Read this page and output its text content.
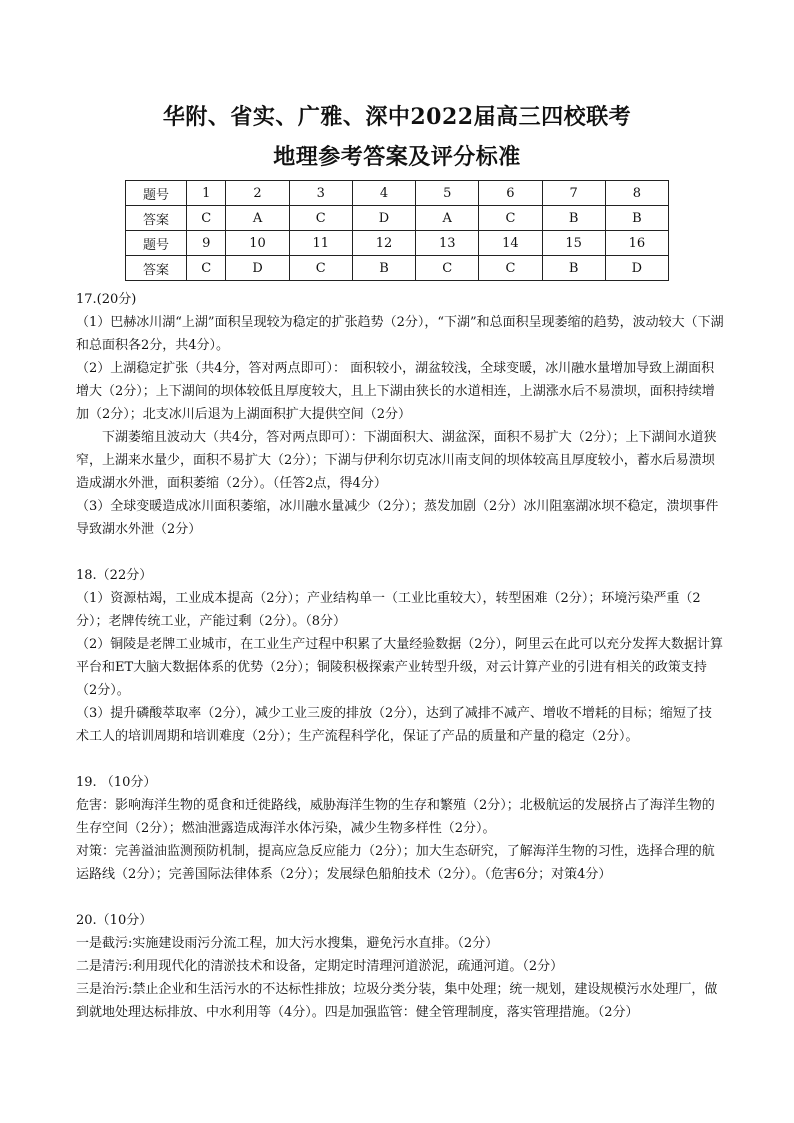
华附、省实、广雅、深中2022届高三四校联考
地理参考答案及评分标准
题号	1	2	3	4	5	6	7	8
答案	C	A	C	D	A	C	B	B
题号	9	10	11	12	13	14	15	16
答案	C	D	C	B	C	C	B	D

17.(20分)

（1）巴赫冰川湖“上湖”面积呈现较为稳定的扩张趋势（2分），“下湖”和总面积呈现萎缩的趋势，波动较大（下湖和总面积各2分，共4分）。

（2）上湖稳定扩张（共4分，答对两点即可）： 面积较小，湖盆较浅，全球变暖，冰川融水量增加导致上湖面积增大（2分）；上下湖间的坝体较低且厚度较大，且上下湖由狭长的水道相连，上湖涨水后不易溃坝，面积持续增加（2分）；北支冰川后退为上湖面积扩大提供空间（2分）

下湖萎缩且波动大（共4分，答对两点即可）：下湖面积大、湖盆深，面积不易扩大（2分）；上下湖间水道狭窄，上湖来水量少，面积不易扩大（2分）；下湖与伊利尔切克冰川南支间的坝体较高且厚度较小，蓄水后易溃坝造成湖水外泄，面积萎缩（2分）。（任答2点，得4分）

（3）全球变暖造成冰川面积萎缩，冰川融水量减少（2分）；蒸发加剧（2分）冰川阻塞湖冰坝不稳定，溃坝事件导致湖水外泄（2分）

18.（22分）

（1）资源枯竭，工业成本提高（2分）；产业结构单一（工业比重较大），转型困难（2分）；环境污染严重（2分）；老牌传统工业，产能过剩（2分）。（8分）

（2）铜陵是老牌工业城市，在工业生产过程中积累了大量经验数据（2分），阿里云在此可以充分发挥大数据计算平台和ET大脑大数据体系的优势（2分）；铜陵积极探索产业转型升级，对云计算产业的引进有相关的政策支持（2分）。

（3）提升磷酸萃取率（2分），减少工业三废的排放（2分），达到了减排不减产、增收不增耗的目标；缩短了技术工人的培训周期和培训难度（2分）；生产流程科学化，保证了产品的质量和产量的稳定（2分）。

19. （10分）

危害：影响海洋生物的觅食和迁徙路线，威胁海洋生物的生存和繁殖（2分）；北极航运的发展挤占了海洋生物的生存空间（2分）；燃油泄露造成海洋水体污染，减少生物多样性（2分）。

对策：完善溢油监测预防机制，提高应急反应能力（2分）；加大生态研究，了解海洋生物的习性，选择合理的航运路线（2分）；完善国际法律体系（2分）；发展绿色船舶技术（2分）。（危害6分；对策4分）

20.（10分）

一是截污:实施建设雨污分流工程，加大污水搜集，避免污水直排。（2分）

二是清污:利用现代化的清淤技术和设备，定期定时清理河道淤泥，疏通河道。（2分）

三是治污:禁止企业和生活污水的不达标性排放；垃圾分类分装，集中处理；统一规划，建设规模污水处理厂，做到就地处理达标排放、中水利用等（4分）。四是加强监管：健全管理制度，落实管理措施。（2分）
